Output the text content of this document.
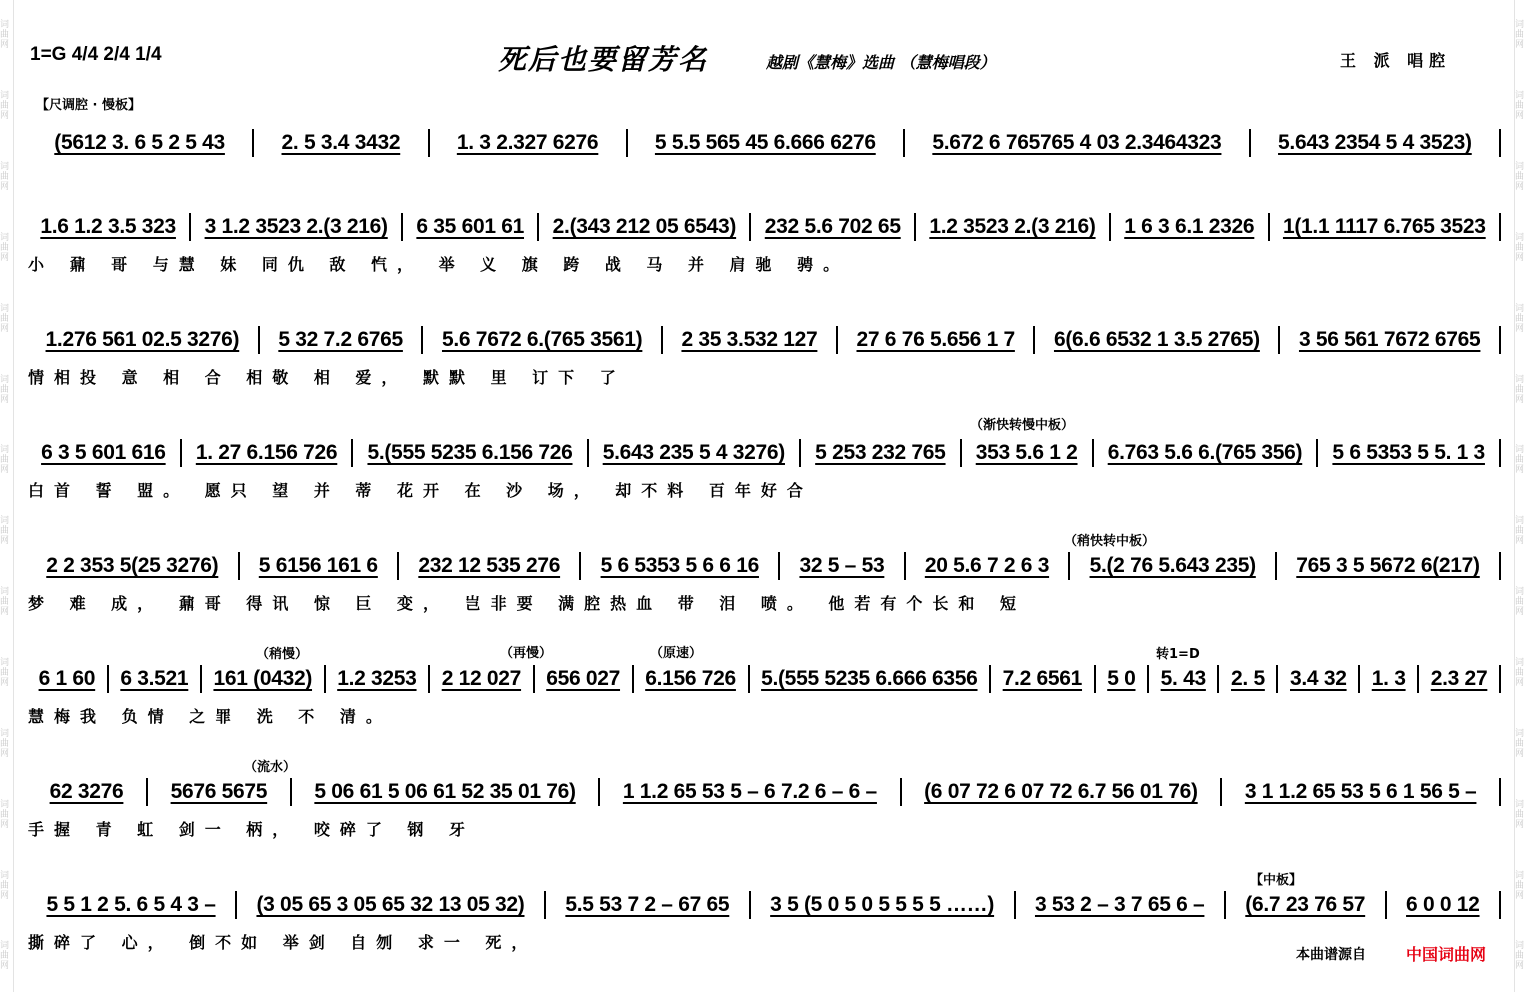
词曲网
词曲网
词曲网
词曲网
词曲网
词曲网
词曲网
词曲网
词曲网
词曲网
词曲网
词曲网
词曲网
词曲网
词曲网
词曲网
词曲网
词曲网
词曲网
词曲网
词曲网
词曲网
词曲网
词曲网
词曲网
词曲网
词曲网
词曲网
1=G 4/4 2/4 1/4	死后也要留芳名	越剧《慧梅》选曲 （慧梅唱段）	王 派 唱腔
【尺调腔 · 慢板】
(5612 3. 6 5 2 5 43	2. 5 3.4 3432	1. 3 2.327 6276	5 5.5 565 45 6.666 6276	5.672 6 765765 4 03 2.3464323	5.643 2354 5 4 3523)
1.6 1.2 3.5 323	3 1.2 3523 2.(3 216)	6 35 601 61	2.(343 212 05 6543)	232 5.6 702 65	1.2 3523 2.(3 216)	1 6 3 6.1 2326	1(1.1 1117 6.765 3523
小 鼐 哥 与慧 妹 同仇 敌 忾， 举 义 旗 跨 战 马 并 肩驰 骋。
1.276 561 02.5 3276)	5 32 7.2 6765	5.6 7672 6.(765 3561)	2 35 3.532 127	27 6 76 5.656 1 7	6(6.6 6532 1 3.5 2765)	3 56 561 7672 6765
情相投 意 相 合 相敬 相 爱， 默默 里 订下 了
6 3 5 601 616	1. 27 6.156 726	5.(555 5235 6.156 726	5.643 235 5 4 3276)	5 253 232 765	353 5.6 1 2	6.763 5.6 6.(765 356)	5 6 5353 5 5. 1 3
白首 誓 盟。 愿只 望 并 蒂 花开 在 沙 场， 却不料 百年好合
2 2 353 5(25 3276)	5 6156 161 6	232 12 535 276	5 6 5353 5 6 6 16	32 5 – 53	20 5.6 7 2 6 3	5.(2 76 5.643 235)	765 3 5 5672 6(217)
梦 难 成， 鼐哥 得讯 惊 巨 变， 岂非要 满腔热血 带 泪 喷。 他若有个长和 短
6 1 60	6 3.521	161 (0432)	1.2 3253	2 12 027	656 027	6.156 726	5.(555 5235 6.666 6356	7.2 6561	5 0	5. 43	2. 5	3.4 32	1. 3	2.3 27
慧梅我 负情 之罪 洗 不 清。
62 3276	5676 5675	5 06 61 5 06 61 52 35 01 76)	1 1.2 65 53 5 – 6 7.2 6 – 6 –	(6 07 72 6 07 72 6.7 56 01 76)	3 1 1.2 65 53 5 6 1 56 5 –
手握 青 虹 剑一 柄， 咬碎了 钢 牙
5 5 1 2 5. 6 5 4 3 –	(3 05 65 3 05 65 32 13 05 32)	5.5 53 7 2 – 67 65	3 5 (5 0 5 0 5 5 5 5 ……)	3 53 2 – 3 7 65 6 –	(6.7 23 76 57	6 0 0 12
撕碎了 心， 倒不如 举剑 自刎 求一 死，
（渐快转慢中板）
（稍快转中板）
（稍慢）	（再慢）	（原速）	转1=D
（流水）
【中板】
本曲谱源自	中国词曲网
